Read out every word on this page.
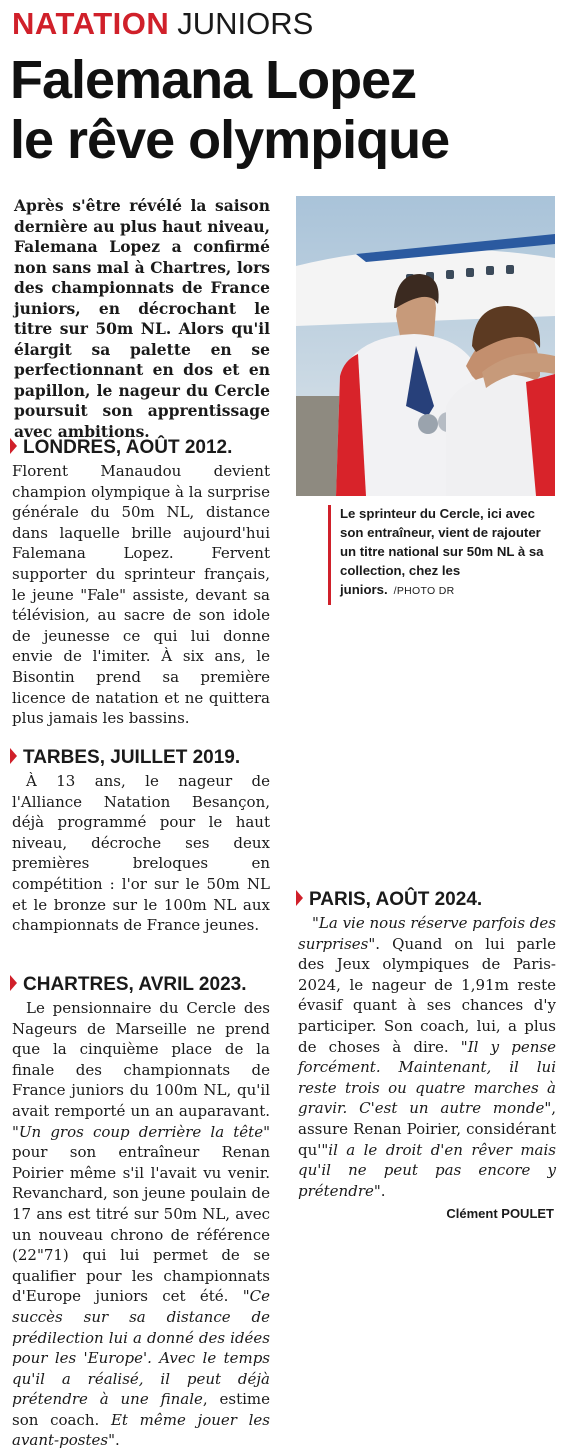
NATATION JUNIORS
Falemana Lopez
le rêve olympique
Après s'être révélé la saison dernière au plus haut niveau, Falemana Lopez a confirmé non sans mal à Chartres, lors des championnats de France juniors, en décrochant le titre sur 50m NL. Alors qu'il élargit sa palette en se perfectionnant en dos et en papillon, le nageur du Cercle poursuit son apprentissage avec ambitions.
Le sprinteur du Cercle, ici avec son entraîneur, vient de rajouter un titre national sur 50m NL à sa collection, chez les juniors. /PHOTO DR
LONDRES, AOÛT 2012.
Florent Manaudou devient champion olympique à la surprise générale du 50m NL, distance dans laquelle brille aujourd'hui Falemana Lopez. Fervent supporter du sprinteur français, le jeune "Fale" assiste, devant sa télévision, au sacre de son idole de jeunesse ce qui lui donne envie de l'imiter. À six ans, le Bisontin prend sa première licence de natation et ne quittera plus jamais les bassins.
TARBES, JUILLET 2019.
À 13 ans, le nageur de l'Alliance Natation Besançon, déjà programmé pour le haut niveau, décroche ses deux premières breloques en compétition : l'or sur le 50m NL et le bronze sur le 100m NL aux championnats de France jeunes.
CHARTRES, AVRIL 2023.
Le pensionnaire du Cercle des Nageurs de Marseille ne prend que la cinquième place de la finale des championnats de France juniors du 100m NL, qu'il avait remporté un an auparavant. "Un gros coup derrière la tête" pour son entraîneur Renan Poirier même s'il l'avait vu venir. Revanchard, son jeune poulain de 17 ans est titré sur 50m NL, avec un nouveau chrono de référence (22"71) qui lui permet de se qualifier pour les championnats d'Europe juniors cet été. "Ce succès sur sa distance de prédilection lui a donné des idées pour les 'Europe'. Avec le temps qu'il a réalisé, il peut déjà prétendre à une finale, estime son coach. Et même jouer les avant-postes".
PARIS, AOÛT 2024.
"La vie nous réserve parfois des surprises". Quand on lui parle des Jeux olympiques de Paris-2024, le nageur de 1,91m reste évasif quant à ses chances d'y participer. Son coach, lui, a plus de choses à dire. "Il y pense forcément. Maintenant, il lui reste trois ou quatre marches à gravir. C'est un autre monde", assure Renan Poirier, considérant qu'"il a le droit d'en rêver mais qu'il ne peut pas encore y prétendre".
Clément POULET
